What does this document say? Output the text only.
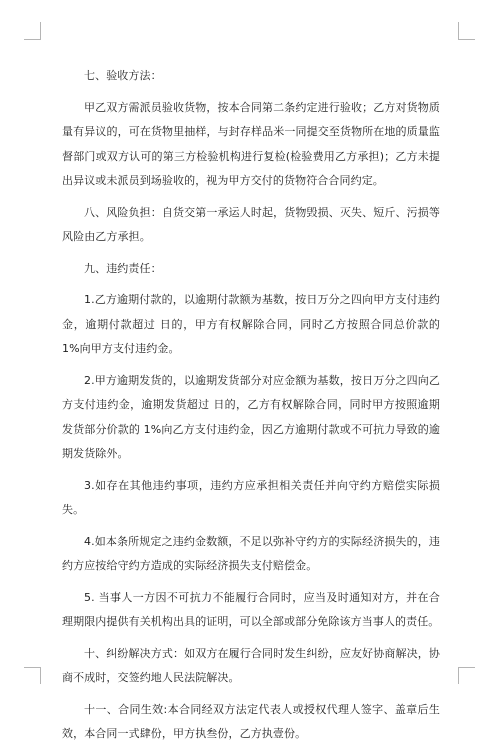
七、验收方法：

甲乙双方需派员验收货物，按本合同第二条约定进行验收；乙方对货物质量有异议的，可在货物里抽样，与封存样品米一同提交至货物所在地的质量监督部门或双方认可的第三方检验机构进行复检(检验费用乙方承担)；乙方未提出异议或未派员到场验收的，视为甲方交付的货物符合合同约定。

八、风险负担：自货交第一承运人时起，货物毁损、灭失、短斤、污损等风险由乙方承担。

九、违约责任：

1.乙方逾期付款的，以逾期付款额为基数，按日万分之四向甲方支付违约金，逾期付款超过 日的，甲方有权解除合同，同时乙方按照合同总价款的 1%向甲方支付违约金。

2.甲方逾期发货的，以逾期发货部分对应金额为基数，按日万分之四向乙方支付违约金，逾期发货超过 日的，乙方有权解除合同，同时甲方按照逾期发货部分价款的 1%向乙方支付违约金，因乙方逾期付款或不可抗力导致的逾期发货除外。

3.如存在其他违约事项，违约方应承担相关责任并向守约方赔偿实际损失。

4.如本条所规定之违约金数额，不足以弥补守约方的实际经济损失的，违约方应按给守约方造成的实际经济损失支付赔偿金。

5. 当事人一方因不可抗力不能履行合同时，应当及时通知对方，并在合理期限内提供有关机构出具的证明，可以全部或部分免除该方当事人的责任。

十、纠纷解决方式：如双方在履行合同时发生纠纷，应友好协商解决，协商不成时，交签约地人民法院解决。

十一、合同生效:本合同经双方法定代表人或授权代理人签字、盖章后生效，本合同一式肆份，甲方执叁份，乙方执壹份。
